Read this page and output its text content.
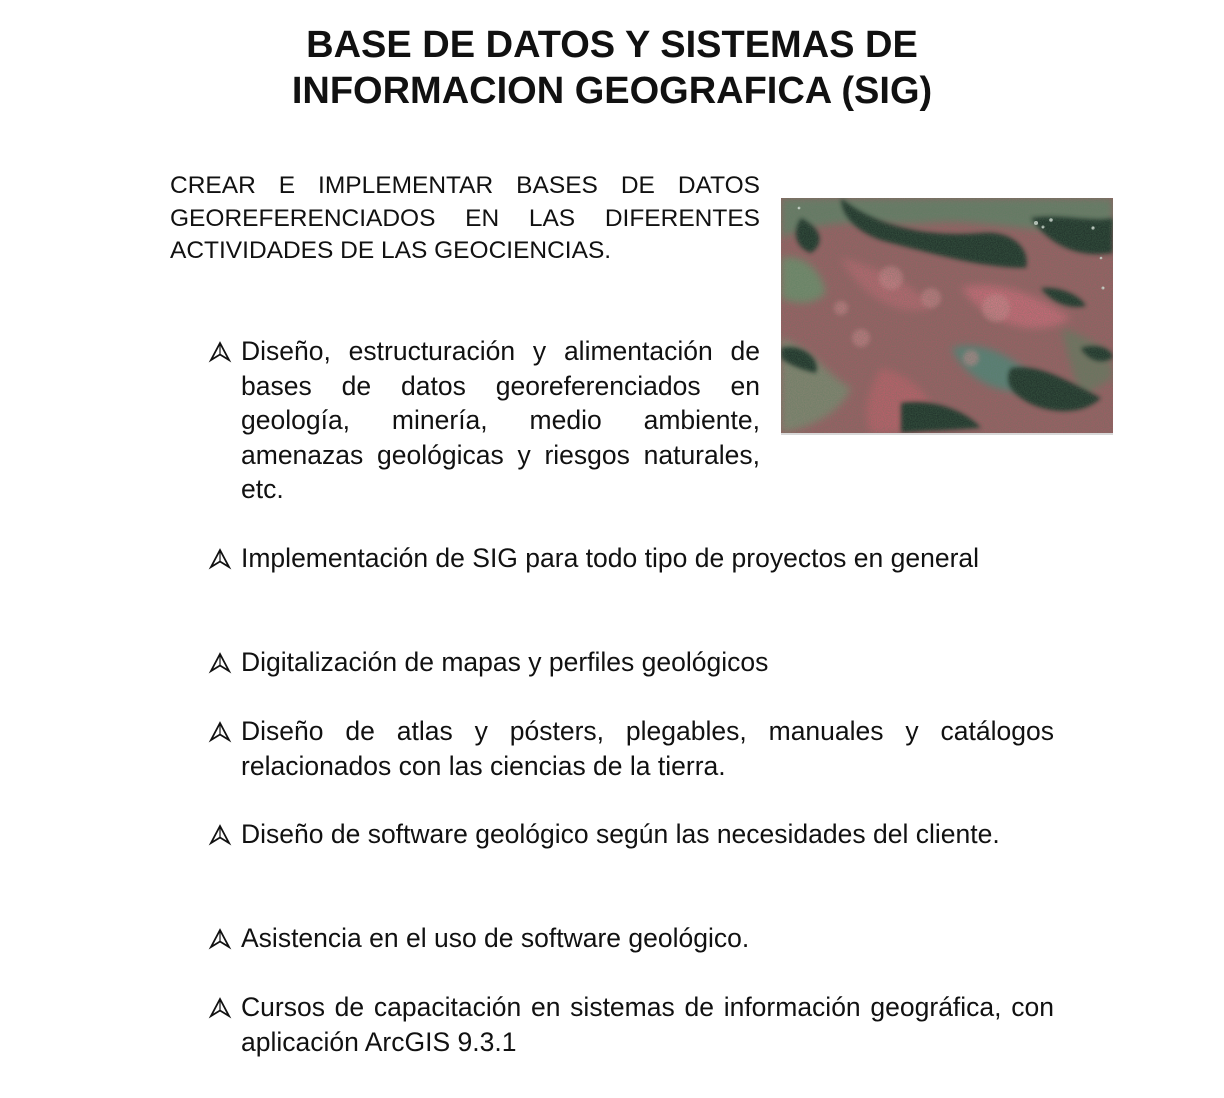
BASE DE DATOS Y SISTEMAS DE
INFORMACION GEOGRAFICA (SIG)

CREAR E IMPLEMENTAR BASES DE DATOS GEOREFERENCIADOS EN LAS DIFERENTES ACTIVIDADES DE LAS GEOCIENCIAS.

Diseño, estructuración y alimentación de bases de datos georeferenciados en geología, minería, medio ambiente, amenazas geológicas y riesgos naturales, etc.
Implementación de SIG para todo tipo de proyectos en general
Digitalización de mapas y perfiles geológicos
Diseño de atlas y pósters, plegables, manuales y catálogos relacionados con las ciencias de la tierra.
Diseño de software geológico según las necesidades del cliente.
Asistencia en el uso de software geológico.
Cursos de capacitación en sistemas de información geográfica, con aplicación ArcGIS 9.3.1
